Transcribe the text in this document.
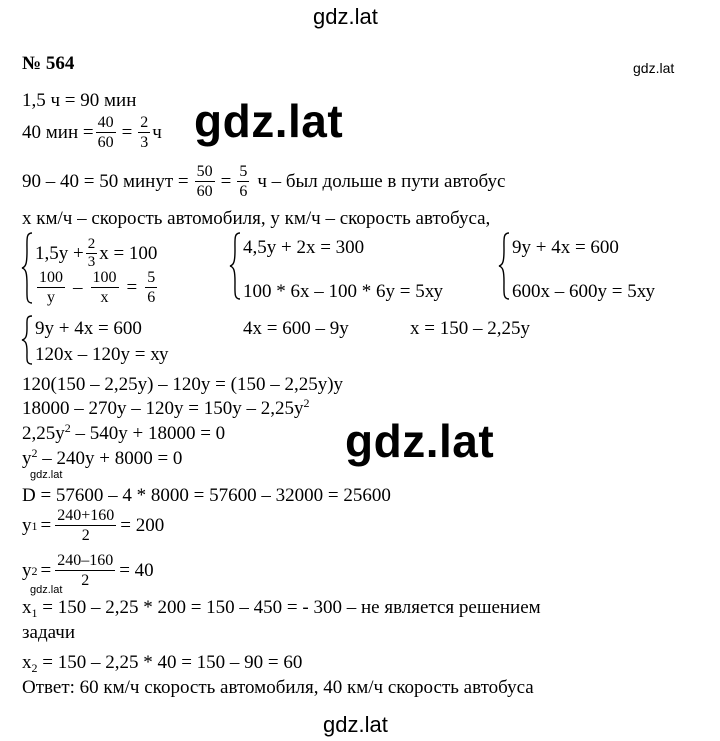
gdz.lat
gdz.lat
gdz.lat
gdz.lat
gdz.lat
gdz.lat
gdz.lat
№ 564
1,5 ч = 90 мин
40 мин = $\frac{40}{60} = \frac{2}{3}$ ч
90 – 40 = 50 минут = $\frac{50}{60} = \frac{5}{6}$ ч – был дольше в пути автобус
х км/ч – скорость автомобиля, у км/ч – скорость автобуса,
$1,5у + \frac{2}{3}$ х = 100
$\frac{100}{у} - \frac{100}{х} = \frac{5}{6}$
4,5у + 2х = 300
100 * 6х – 100 * 6у = 5ху
9у + 4х = 600
600х – 600у = 5ху
9у + 4х = 600
120х – 120у = ху
4х = 600 – 9у	х = 150 – 2,25у
120(150 – 2,25у) – 120у = (150 – 2,25у)у
$18000 - 270у - 120у = 150у - 2,25у^2$
$2,25у^2 - 540у + 18000 = 0$
$у^2 - 240у + 8000 = 0$
D = 57600 – 4 * 8000 = 57600 – 32000 = 25600
у $1 = \frac{240+160}{2} = 200$
у $2 = \frac{240-160}{2} = 40$
$х_1 = 150 - 2,25 * 200 = 150 - 450$ = - 300 – не является решением
задачи
$х_2 = 150 - 2,25 * 40 = 150 - 90 = 60$
Ответ: 60 км/ч скорость автомобиля, 40 км/ч скорость автобуса
